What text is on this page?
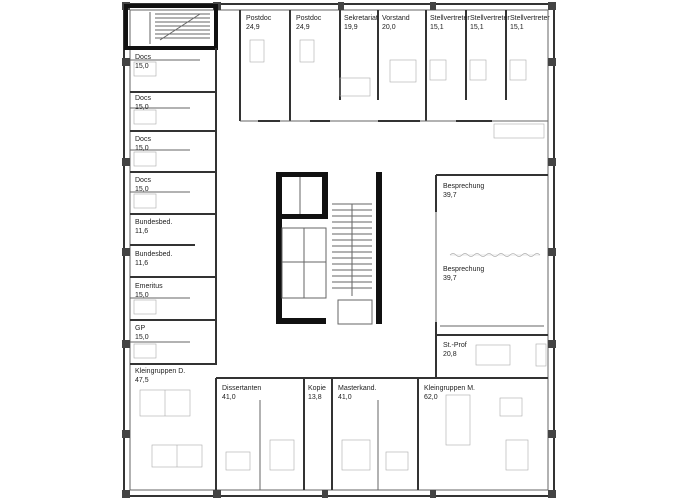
Postdoc
24,9
Postdoc
24,9
Sekretariat
19,9
Vorstand
20,0
Stellvertreter
15,1
Stellvertreter
15,1
Stellvertreter
15,1
Docs
15,0
Docs
15,0
Docs
15,0
Docs
15,0
Bundesbed.
11,6
Bundesbed.
11,6
Emeritus
15,0
GP
15,0
Kleingruppen D.
47,5
Dissertanten
41,0
Kopie
13,8
Masterkand.
41,0
Kleingruppen M.
62,0
Besprechung
39,7
Besprechung
39,7
St.-Prof
20,8
